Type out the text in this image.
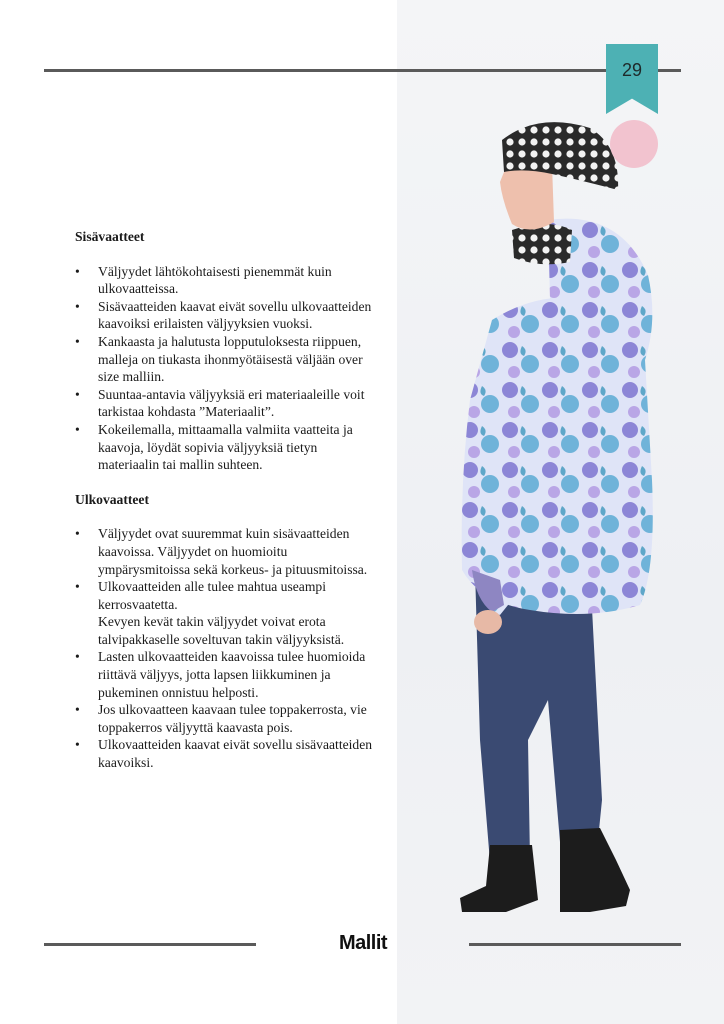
29
Sisävaatteet
• Väljyydet lähtökohtaisesti pienemmät kuin ulkovaatteissa.
• Sisävaatteiden kaavat eivät sovellu ulkovaatteiden kaavoiksi erilaisten väljyyksien vuoksi.
• Kankaasta ja halutusta lopputuloksesta riippuen, malleja on tiukasta ihonmyötäisestä väljään over size malliin.
• Suuntaa-antavia väljyyksiä eri materiaaleille voit tarkistaa kohdasta ”Materiaalit”.
• Kokeilemalla, mittaamalla valmiita vaatteita ja kaavoja, löydät sopivia väljyyksiä tietyn materiaalin tai mallin suhteen.
Ulkovaatteet
• Väljyydet ovat suuremmat kuin sisävaatteiden kaavoissa. Väljyydet on huomioitu ympärysmitoissa sekä korkeus- ja pituusmitoissa.
• Ulkovaatteiden alle tulee mahtua useampi kerrosvaatetta.
Kevyen kevät takin väljyydet voivat erota talvipakkaselle soveltuvan takin väljyyksistä.
• Lasten ulkovaatteiden kaavoissa tulee huomioida riittävä väljyys, jotta lapsen liikkuminen ja pukeminen onnistuu helposti.
• Jos ulkovaatteen kaavaan tulee toppakerrosta, vie toppakerros väljyyttä kaavasta pois.
• Ulkovaatteiden kaavat eivät sovellu sisävaatteiden kaavoiksi.
Mallit
